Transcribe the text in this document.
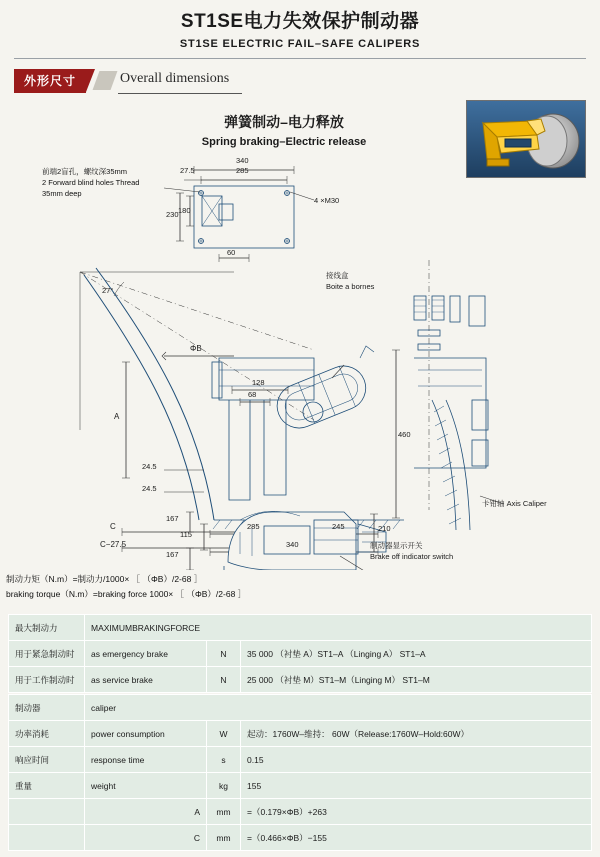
ST1SE电力失效保护制动器
ST1SE ELECTRIC FAIL–SAFE CALIPERS
外形尺寸	Overall dimensions
弹簧制动–电力释放
Spring braking–Electric release
前端2盲孔，螺纹深35mm
2 Forward blind holes Thread
35mm deep
4 ×M30
接线盒
Boite a bornes
卡钳轴 Axis Caliper
制动器显示开关
Brake off indicator switch
340
285
27.5
230 180
60
128
68
460
24.5
24.5
285	245
340
A
ΦB
C
C−27.5
27°
167
115
167
210
制动力矩（N.m）=制动力/1000× ［ （ΦB）/2-68 ］
braking torque（N.m）=braking force 1000× ［ （ΦB）/2-68 ］
最大制动力	MAXIMUMBRAKINGFORCE		
用于紧急制动时	as emergency brake	N	35 000 （衬垫 A）ST1–A （Linging A） ST1–A
用于工作制动时	as service brake	N	25 000 （衬垫 M）ST1–M（Linging M） ST1–M
制动器	caliper		
功率消耗	power consumption	W	起动：1760W–维持： 60W（Release:1760W–Hold:60W）
响应时间	response time	s	0.15
重量	weight	kg	155
	A	mm	=（0.179×ΦB）+263
	C	mm	=（0.466×ΦB）−155
